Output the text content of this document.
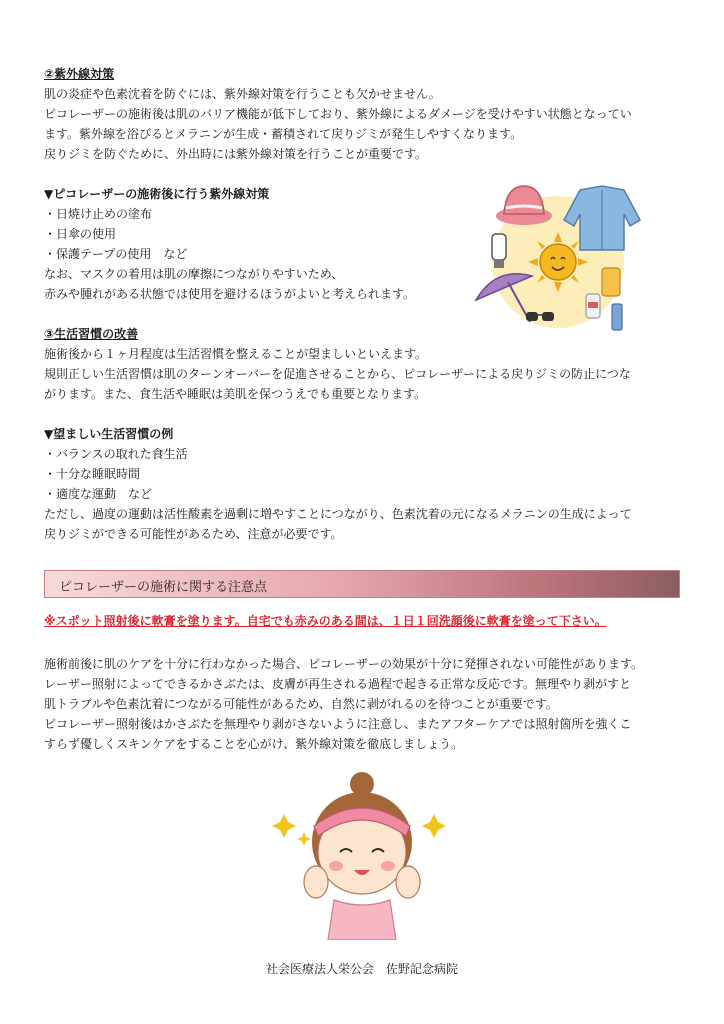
②紫外線対策

肌の炎症や色素沈着を防ぐには、紫外線対策を行うことも欠かせません。

ピコレーザーの施術後は肌のバリア機能が低下しており、紫外線によるダメージを受けやすい状態となってい

ます。紫外線を浴びるとメラニンが生成・蓄積されて戻りジミが発生しやすくなります。

戻りジミを防ぐために、外出時には紫外線対策を行うことが重要です。

▼ピコレーザーの施術後に行う紫外線対策

・日焼け止めの塗布

・日傘の使用

・保護テープの使用　など

なお、マスクの着用は肌の摩擦につながりやすいため、

赤みや腫れがある状態では使用を避けるほうがよいと考えられます。

③生活習慣の改善

施術後から１ヶ月程度は生活習慣を整えることが望ましいといえます。

規則正しい生活習慣は肌のターンオーバーを促進させることから、ピコレーザーによる戻りジミの防止につな

がります。また、食生活や睡眠は美肌を保つうえでも重要となります。

▼望ましい生活習慣の例

・バランスの取れた食生活

・十分な睡眠時間

・適度な運動　など

ただし、過度の運動は活性酸素を過剰に増やすことにつながり、色素沈着の元になるメラニンの生成によって

戻りジミができる可能性があるため、注意が必要です。

ピコレーザーの施術に関する注意点
※スポット照射後に軟膏を塗ります。自宅でも赤みのある間は、１日１回洗顔後に軟膏を塗って下さい。

施術前後に肌のケアを十分に行わなかった場合、ピコレーザーの効果が十分に発揮されない可能性があります。

レーザー照射によってできるかさぶたは、皮膚が再生される過程で起きる正常な反応です。無理やり剥がすと

肌トラブルや色素沈着につながる可能性があるため、自然に剥がれるのを待つことが重要です。

ピコレーザー照射後はかさぶたを無理やり剥がさないように注意し、またアフターケアでは照射箇所を強くこ

すらず優しくスキンケアをすることを心がけ、紫外線対策を徹底しましょう。

社会医療法人栄公会　佐野記念病院
